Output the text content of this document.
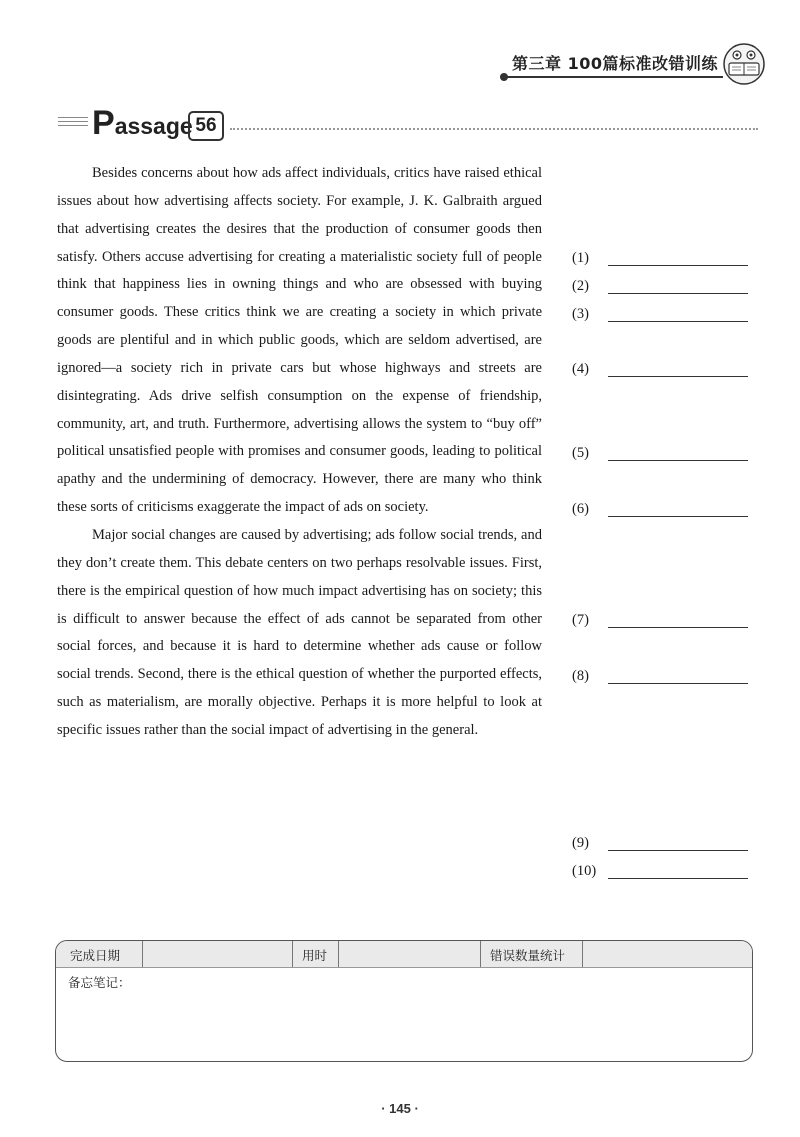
第三章 100篇标准改错训练
Passage 56

Besides concerns about how ads affect individuals, critics have raised ethical issues about how advertising affects society. For example, J. K. Galbraith argued that advertising creates the desires that the production of consumer goods then satisfy. Others accuse advertising for creating a materialistic society full of people think that happiness lies in owning things and who are obsessed with buying consumer goods. These critics think we are creating a society in which private goods are plentiful and in which public goods, which are seldom advertised, are ignored—a society rich in private cars but whose highways and streets are disintegrating. Ads drive selfish consumption on the expense of friendship, community, art, and truth. Furthermore, advertising allows the system to “buy off” political unsatisfied people with promises and consumer goods, leading to political apathy and the undermining of democracy. However, there are many who think these sorts of criticisms exaggerate the impact of ads on society.

Major social changes are caused by advertising; ads follow social trends, and they don’t create them. This debate centers on two perhaps resolvable issues. First, there is the empirical question of how much impact advertising has on society; this is difficult to answer because the effect of ads cannot be separated from other social forces, and because it is hard to determine whether ads cause or follow social trends. Second, there is the ethical question of whether the purported effects, such as materialism, are morally objective. Perhaps it is more helpful to look at specific issues rather than the social impact of advertising in the general.

(1)
(2)
(3)
(4)
(5)
(6)
(7)
(8)
(9)
(10)
完成日期	用时	错误数量统计
备忘笔记：
· 145 ·
